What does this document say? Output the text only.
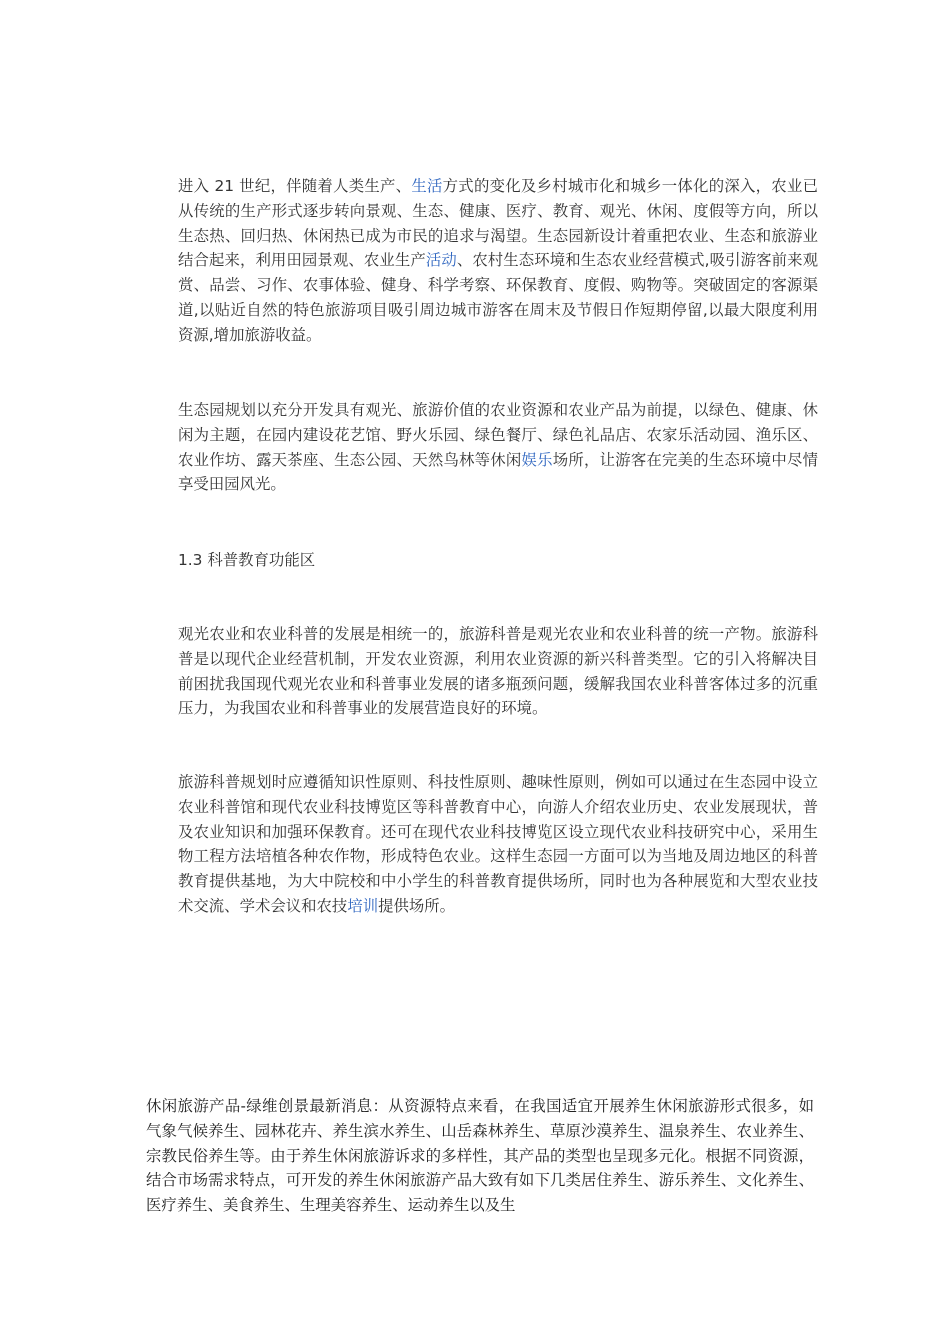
进入 21 世纪，伴随着人类生产、生活方式的变化及乡村城市化和城乡一体化的深入，农业已从传统的生产形式逐步转向景观、生态、健康、医疗、教育、观光、休闲、度假等方向，所以生态热、回归热、休闲热已成为市民的追求与渴望。生态园新设计着重把农业、生态和旅游业结合起来，利用田园景观、农业生产活动、农村生态环境和生态农业经营模式,吸引游客前来观赏、品尝、习作、农事体验、健身、科学考察、环保教育、度假、购物等。突破固定的客源渠道,以贴近自然的特色旅游项目吸引周边城市游客在周末及节假日作短期停留,以最大限度利用资源,增加旅游收益。

生态园规划以充分开发具有观光、旅游价值的农业资源和农业产品为前提，以绿色、健康、休闲为主题，在园内建设花艺馆、野火乐园、绿色餐厅、绿色礼品店、农家乐活动园、渔乐区、农业作坊、露天茶座、生态公园、天然鸟林等休闲娱乐场所，让游客在完美的生态环境中尽情享受田园风光。

1.3 科普教育功能区

观光农业和农业科普的发展是相统一的，旅游科普是观光农业和农业科普的统一产物。旅游科普是以现代企业经营机制，开发农业资源，利用农业资源的新兴科普类型。它的引入将解决目前困扰我国现代观光农业和科普事业发展的诸多瓶颈问题，缓解我国农业科普客体过多的沉重压力，为我国农业和科普事业的发展营造良好的环境。

旅游科普规划时应遵循知识性原则、科技性原则、趣味性原则，例如可以通过在生态园中设立农业科普馆和现代农业科技博览区等科普教育中心，向游人介绍农业历史、农业发展现状，普及农业知识和加强环保教育。还可在现代农业科技博览区设立现代农业科技研究中心，采用生物工程方法培植各种农作物，形成特色农业。这样生态园一方面可以为当地及周边地区的科普教育提供基地，为大中院校和中小学生的科普教育提供场所，同时也为各种展览和大型农业技术交流、学术会议和农技培训提供场所。

休闲旅游产品-绿维创景最新消息：从资源特点来看，在我国适宜开展养生休闲旅游形式很多，如 气象气候养生、园林花卉、养生滨水养生、山岳森林养生、草原沙漠养生、温泉养生、农业养生、宗教民俗养生等。由于养生休闲旅游诉求的多样性，其产品的类型也呈现多元化。根据不同资源，结合市场需求特点，可开发的养生休闲旅游产品大致有如下几类居住养生、游乐养生、文化养生、医疗养生、美食养生、生理美容养生、运动养生以及生
